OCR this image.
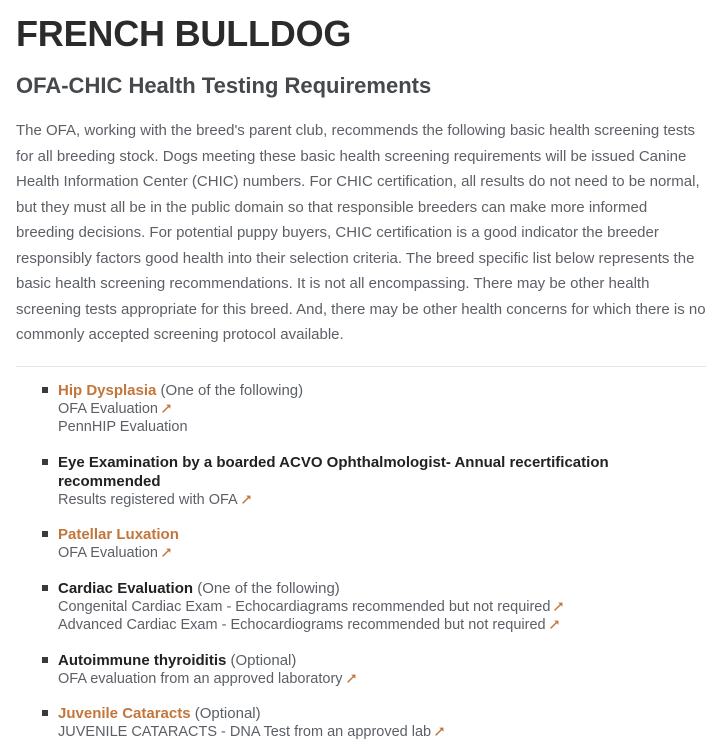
FRENCH BULLDOG
OFA-CHIC Health Testing Requirements

The OFA, working with the breed's parent club, recommends the following basic health screening tests for all breeding stock. Dogs meeting these basic health screening requirements will be issued Canine Health Information Center (CHIC) numbers. For CHIC certification, all results do not need to be normal, but they must all be in the public domain so that responsible breeders can make more informed breeding decisions. For potential puppy buyers, CHIC certification is a good indicator the breeder responsibly factors good health into their selection criteria. The breed specific list below represents the basic health screening recommendations. It is not all encompassing. There may be other health screening tests appropriate for this breed. And, there may be other health concerns for which there is no commonly accepted screening protocol available.

Hip Dysplasia (One of the following)
OFA Evaluation
PennHIP Evaluation
Eye Examination by a boarded ACVO Ophthalmologist- Annual recertification recommended
Results registered with OFA
Patellar Luxation
OFA Evaluation
Cardiac Evaluation (One of the following)
Congenital Cardiac Exam - Echocardiagrams recommended but not required
Advanced Cardiac Exam - Echocardiograms recommended but not required
Autoimmune thyroiditis (Optional)
OFA evaluation from an approved laboratory
Juvenile Cataracts (Optional)
JUVENILE CATARACTS - DNA Test from an approved lab
